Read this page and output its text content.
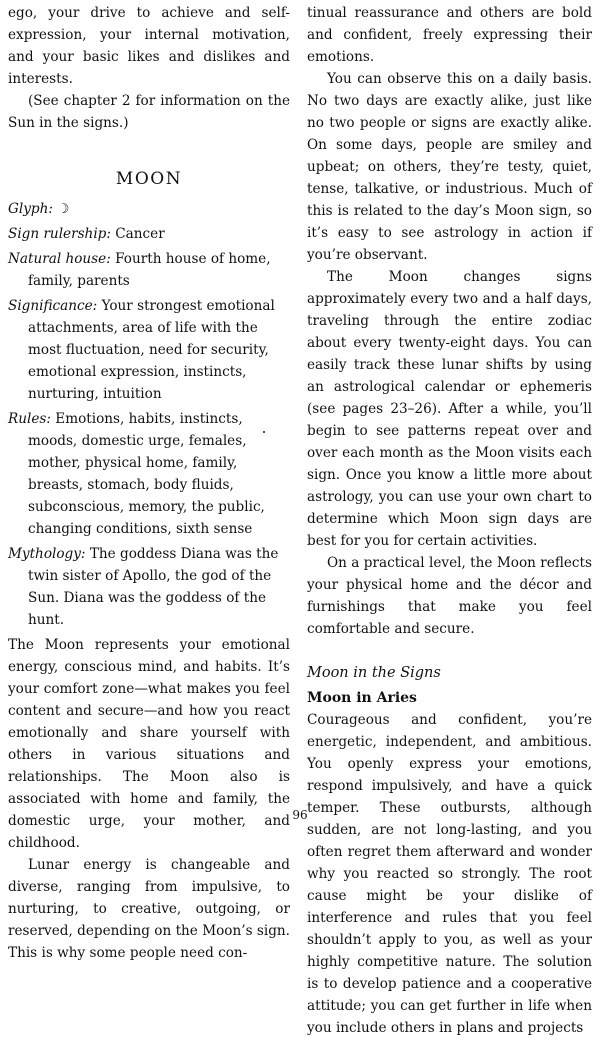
ego, your drive to achieve and self-expression, your internal motivation, and your basic likes and dislikes and interests.

(See chapter 2 for information on the Sun in the signs.)

MOON

Glyph: ☽

Sign rulership: Cancer

Natural house: Fourth house of home, family, parents

Significance: Your strongest emotional attachments, area of life with the most fluctuation, need for security, emotional expression, instincts, nurturing, intuition

Rules: Emotions, habits, instincts, moods, domestic urge, females, mother, physical home, family, breasts, stomach, body fluids, subconscious, memory, the public, changing conditions, sixth sense

Mythology: The goddess Diana was the twin sister of Apollo, the god of the Sun. Diana was the goddess of the hunt.

The Moon represents your emotional energy, conscious mind, and habits. It’s your comfort zone—what makes you feel content and secure—and how you react emotionally and share yourself with others in various situations and relationships. The Moon also is associated with home and family, the domestic urge, your mother, and childhood.

Lunar energy is changeable and diverse, ranging from impulsive, to nurturing, to creative, outgoing, or reserved, depending on the Moon’s sign. This is why some people need con-

tinual reassurance and others are bold and confident, freely expressing their emotions.

You can observe this on a daily basis. No two days are exactly alike, just like no two people or signs are exactly alike. On some days, people are smiley and upbeat; on others, they’re testy, quiet, tense, talkative, or industrious. Much of this is related to the day’s Moon sign, so it’s easy to see astrology in action if you’re observant.

The Moon changes signs approximately every two and a half days, traveling through the entire zodiac about every twenty-eight days. You can easily track these lunar shifts by using an astrological calendar or ephemeris (see pages 23–26). After a while, you’ll begin to see patterns repeat over and over each month as the Moon visits each sign. Once you know a little more about astrology, you can use your own chart to determine which Moon sign days are best for you for certain activities.

On a practical level, the Moon reflects your physical home and the décor and furnishings that make you feel comfortable and secure.

Moon in the Signs
Moon in Aries

Courageous and confident, you’re energetic, independent, and ambitious. You openly express your emotions, respond impulsively, and have a quick temper. These outbursts, although sudden, are not long-lasting, and you often regret them afterward and wonder why you reacted so strongly. The root cause might be your dislike of interference and rules that you feel shouldn’t apply to you, as well as your highly competitive nature. The solution is to develop patience and a cooperative attitude; you can get further in life when you include others in plans and projects

96
